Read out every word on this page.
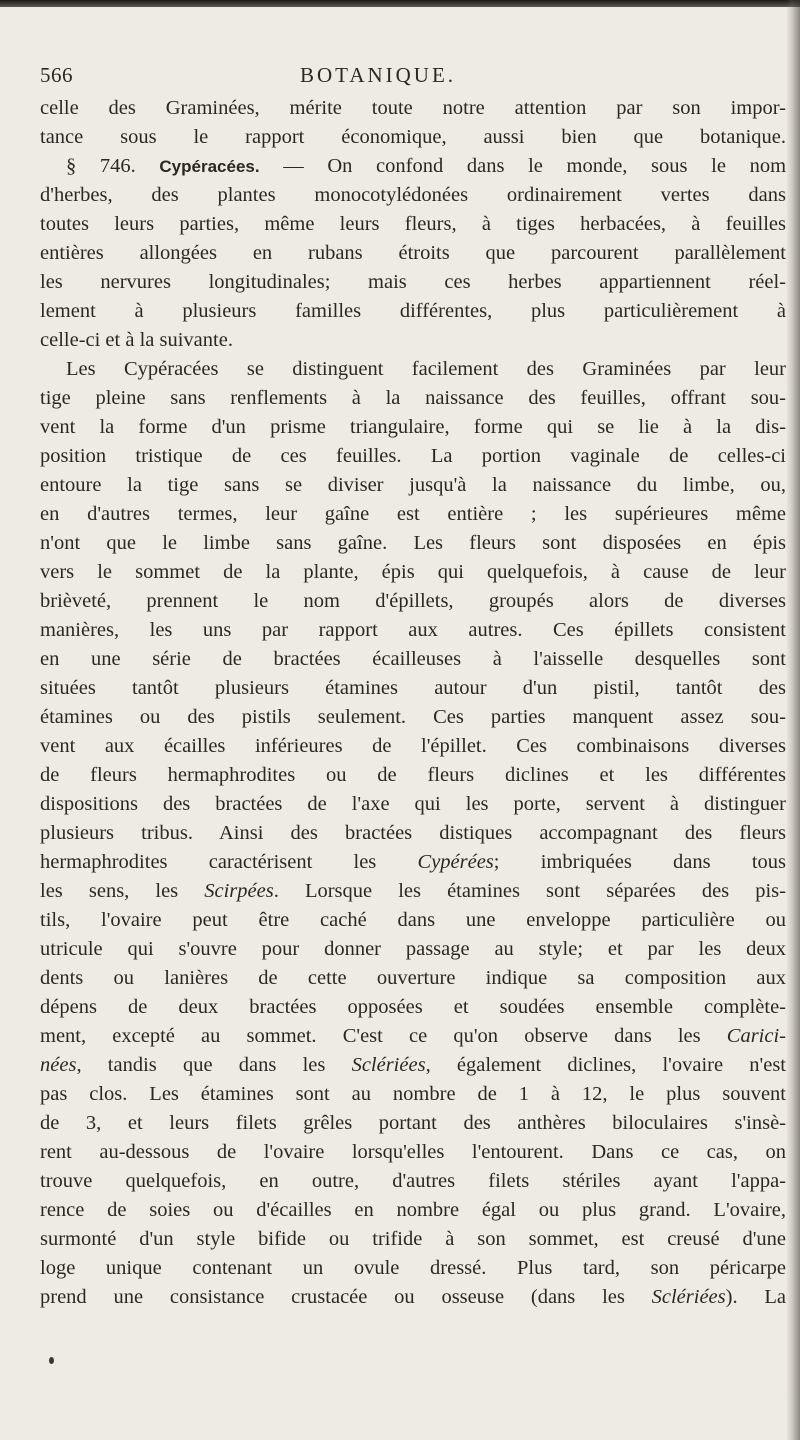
566	BOTANIQUE.
celle des Graminées, mérite toute notre attention par son impor-
tance sous le rapport économique, aussi bien que botanique.
§ 746. Cypéracées. — On confond dans le monde, sous le nom
d'herbes, des plantes monocotylédonées ordinairement vertes dans
toutes leurs parties, même leurs fleurs, à tiges herbacées, à feuilles
entières allongées en rubans étroits que parcourent parallèlement
les nervures longitudinales; mais ces herbes appartiennent réel-
lement à plusieurs familles différentes, plus particulièrement à
celle-ci et à la suivante.
Les Cypéracées se distinguent facilement des Graminées par leur
tige pleine sans renflements à la naissance des feuilles, offrant sou-
vent la forme d'un prisme triangulaire, forme qui se lie à la dis-
position tristique de ces feuilles. La portion vaginale de celles-ci
entoure la tige sans se diviser jusqu'à la naissance du limbe, ou,
en d'autres termes, leur gaîne est entière ; les supérieures même
n'ont que le limbe sans gaîne. Les fleurs sont disposées en épis
vers le sommet de la plante, épis qui quelquefois, à cause de leur
brièveté, prennent le nom d'épillets, groupés alors de diverses
manières, les uns par rapport aux autres. Ces épillets consistent
en une série de bractées écailleuses à l'aisselle desquelles sont
situées tantôt plusieurs étamines autour d'un pistil, tantôt des
étamines ou des pistils seulement. Ces parties manquent assez sou-
vent aux écailles inférieures de l'épillet. Ces combinaisons diverses
de fleurs hermaphrodites ou de fleurs diclines et les différentes
dispositions des bractées de l'axe qui les porte, servent à distinguer
plusieurs tribus. Ainsi des bractées distiques accompagnant des fleurs
hermaphrodites caractérisent les Cypérées; imbriquées dans tous
les sens, les Scirpées. Lorsque les étamines sont séparées des pis-
tils, l'ovaire peut être caché dans une enveloppe particulière ou
utricule qui s'ouvre pour donner passage au style; et par les deux
dents ou lanières de cette ouverture indique sa composition aux
dépens de deux bractées opposées et soudées ensemble complète-
ment, excepté au sommet. C'est ce qu'on observe dans les Carici-
nées, tandis que dans les Sclériées, également diclines, l'ovaire n'est
pas clos. Les étamines sont au nombre de 1 à 12, le plus souvent
de 3, et leurs filets grêles portant des anthères biloculaires s'insè-
rent au-dessous de l'ovaire lorsqu'elles l'entourent. Dans ce cas, on
trouve quelquefois, en outre, d'autres filets stériles ayant l'appa-
rence de soies ou d'écailles en nombre égal ou plus grand. L'ovaire,
surmonté d'un style bifide ou trifide à son sommet, est creusé d'une
loge unique contenant un ovule dressé. Plus tard, son péricarpe
prend une consistance crustacée ou osseuse (dans les Sclériées). La
